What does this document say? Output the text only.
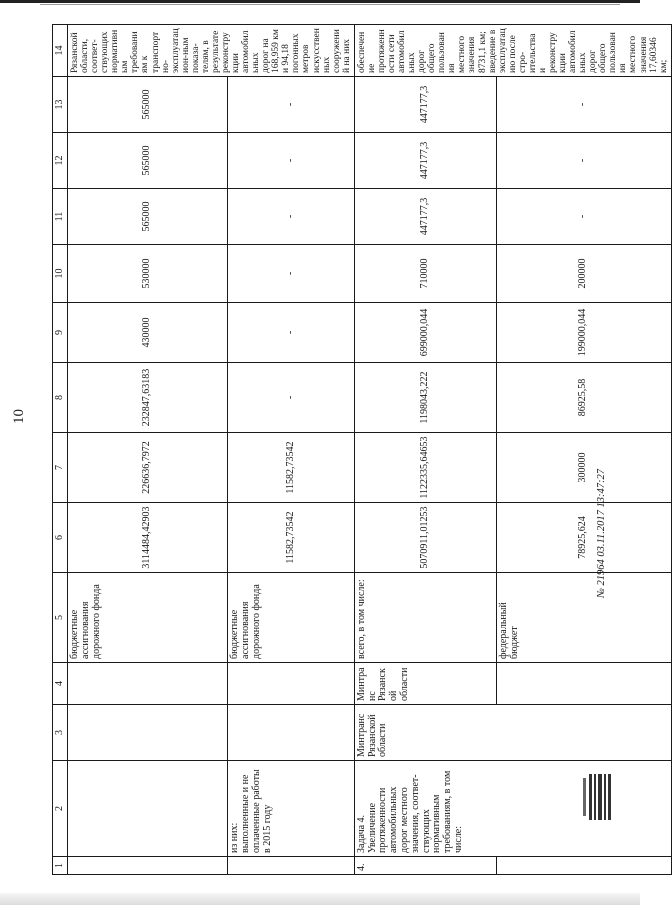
10
1	2	3	4	5	6	7	8	9	10	11	12	13	14
				бюджетные ассигнования дорожного фонда	3114484,42903	226636,7972	232847,63183	430000	530000	565000	565000	565000	Рязанской области, соответ-ствующих нормативным требованиям к транспортно-эксплуатацион-ным показа-телям, в результате реконструкции автомобильных дорог на 168,959 км и 94,18 погонных метров искусственных сооружений на них
	из них: выполненные и не оплаченные работы в 2015 году			бюджетные ассигнования дорожного фонда	11582,73542	11582,73542	-	-	-	-	-	-	
4.	Задача 4. Увеличение протяженности автомобильных дорог местного значения, соответ-ствующих нормативным требованиям, в том числе:	Минтранс Рязанской области	Минтранс Рязанской области	всего, в том числе:	5070911,01253	1122335,64653	1198043,222	699000,044	710000	447177,3	447177,3	447177,3	обеспечение протяженности сети автомобильных дорог общего пользования местного значения 8731,1 км; введение в эксплуатацию после стро-ительства и реконструкции автомобильных дорог общего пользования местного значения 17,60346 км;
				федеральный бюджет	78925,624	300000	86925,58	199000,044	200000	-	-	-	
№ 21964 03.11.2017 13:47:27
